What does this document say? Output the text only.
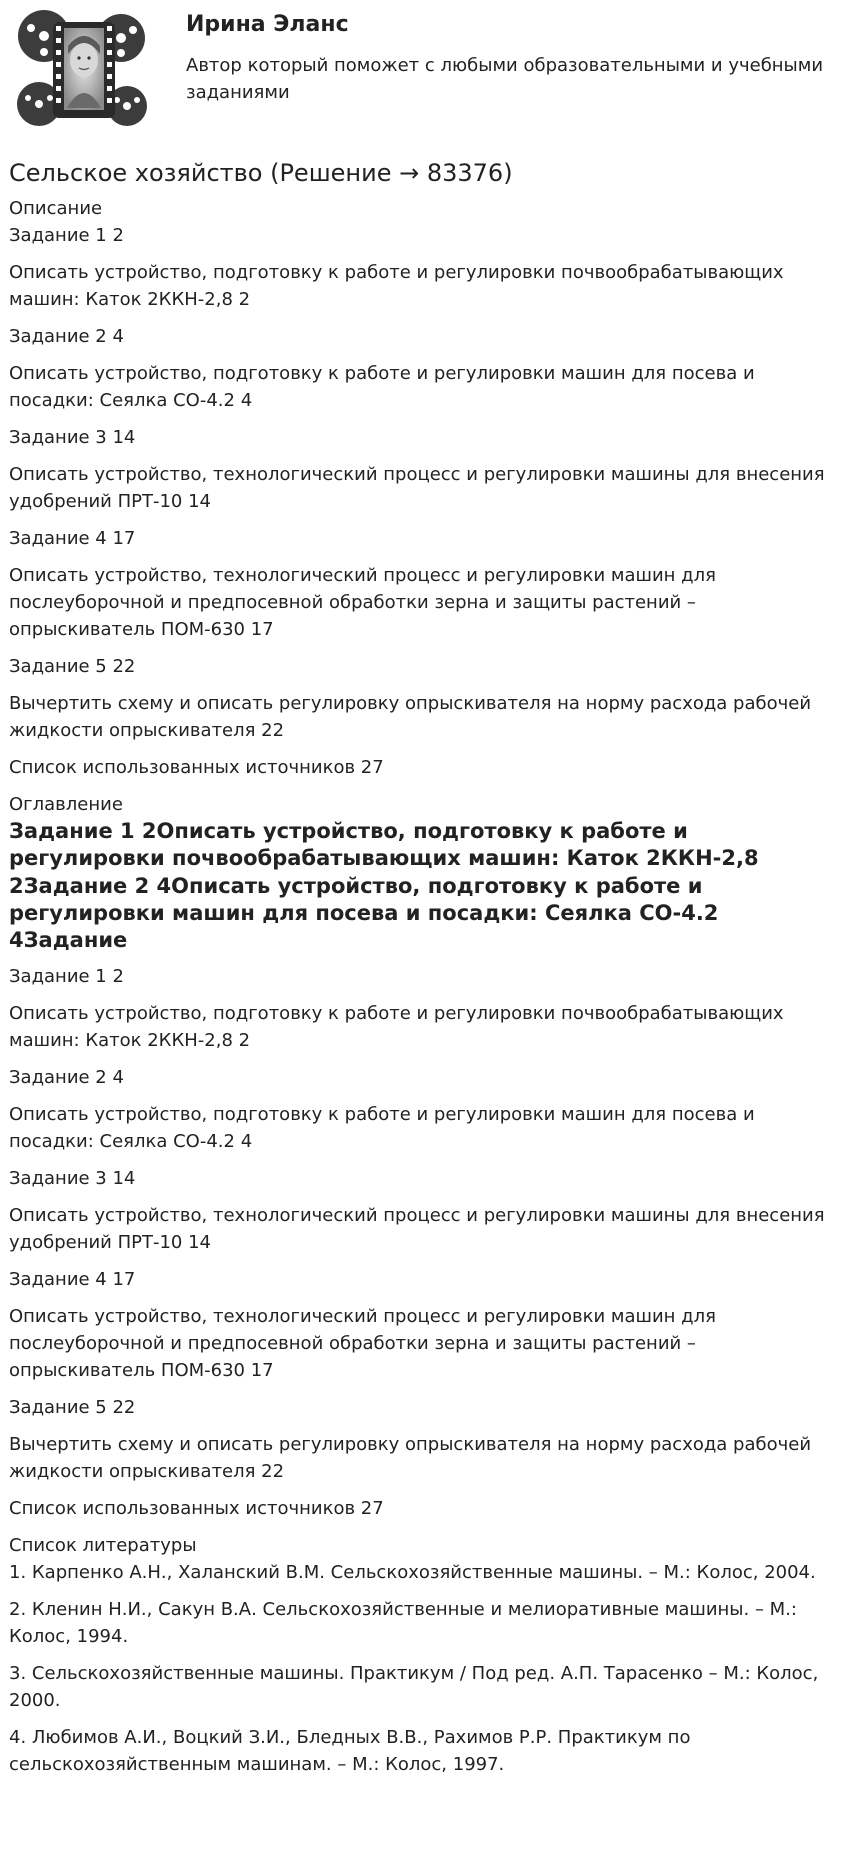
Ирина Эланс
Автор который поможет с любыми образовательными и учебными заданиями
Сельское хозяйство (Решение → 83376)
Описание
Задание 1 2
Описать устройство, подготовку к работе и регулировки почвообрабатывающих машин: Каток 2ККН-2,8 2
Задание 2 4
Описать устройство, подготовку к работе и регулировки машин для посева и посадки: Сеялка СО-4.2 4
Задание 3 14
Описать устройство, технологический процесс и регулировки машины для внесения удобрений ПРТ-10 14
Задание 4 17
Описать устройство, технологический процесс и регулировки машин для послеуборочной и предпосевной обработки зерна и защиты растений –опрыскиватель ПОМ-630 17
Задание 5 22
Вычертить схему и описать регулировку опрыскивателя на норму расхода рабочей жидкости опрыскивателя 22
Список использованных источников 27
Оглавление
Задание 1 2Описать устройство, подготовку к работе и регулировки почвообрабатывающих машин: Каток 2ККН-2,8 2Задание 2 4Описать устройство, подготовку к работе и регулировки машин для посева и посадки: Сеялка СО-4.2 4Задание
Задание 1 2
Описать устройство, подготовку к работе и регулировки почвообрабатывающих машин: Каток 2ККН-2,8 2
Задание 2 4
Описать устройство, подготовку к работе и регулировки машин для посева и посадки: Сеялка СО-4.2 4
Задание 3 14
Описать устройство, технологический процесс и регулировки машины для внесения удобрений ПРТ-10 14
Задание 4 17
Описать устройство, технологический процесс и регулировки машин для послеуборочной и предпосевной обработки зерна и защиты растений –опрыскиватель ПОМ-630 17
Задание 5 22
Вычертить схему и описать регулировку опрыскивателя на норму расхода рабочей жидкости опрыскивателя 22
Список использованных источников 27
Список литературы
1. Карпенко А.Н., Халанский В.М. Сельскохозяйственные машины. – М.: Колос, 2004.
2. Кленин Н.И., Сакун В.А. Сельскохозяйственные и мелиоративные машины. – М.: Колос, 1994.
3. Сельскохозяйственные машины. Практикум / Под ред. А.П. Тарасенко – М.: Колос, 2000.
4. Любимов А.И., Воцкий З.И., Бледных В.В., Рахимов Р.Р. Практикум по сельскохозяйственным машинам. – М.: Колос, 1997.
